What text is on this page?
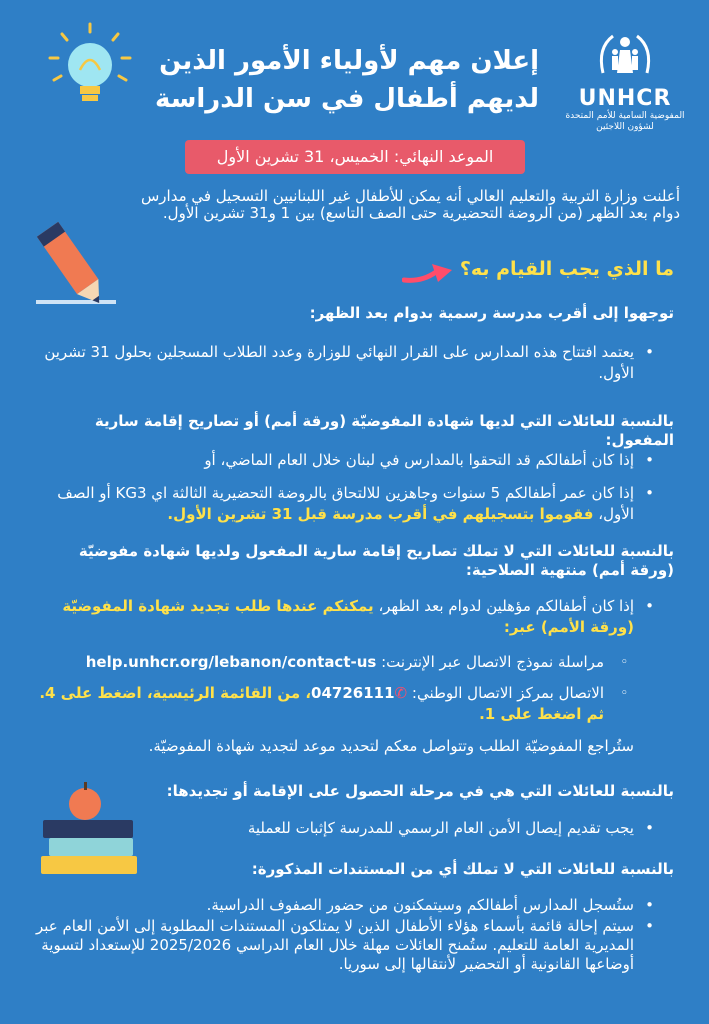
إعلان مهم لأولياء الأمور الذين
لديهم أطفال في سن الدراسة	UNHCR
المفوضية السامية للأمم المتحدة
لشؤون اللاجئين
الموعد النهائي: الخميس، 31 تشرين الأول
أعلنت وزارة التربية والتعليم العالي أنه يمكن للأطفال غير اللبنانيين التسجيل في مدارس دوام بعد الظهر (من الروضة التحضيرية حتى الصف التاسع) بين 1 و31 تشرين الأول.
ما الذي يجب القيام به؟
توجهوا إلى أقرب مدرسة رسمية بدوام بعد الظهر:
• يعتمد افتتاح هذه المدارس على القرار النهائي للوزارة وعدد الطلاب المسجلين بحلول 31 تشرين الأول.
بالنسبة للعائلات التي لديها شهادة المفوضيّة (ورقة أمم) أو تصاريح إقامة سارية المفعول:
• إذا كان أطفالكم قد التحقوا بالمدارس في لبنان خلال العام الماضي، أو
• إذا كان عمر أطفالكم 5 سنوات وجاهزين للالتحاق بالروضة التحضيرية الثالثة اي KG3 أو الصف الأول، فقوموا بتسجيلهم في أقرب مدرسة قبل 31 تشرين الأول.
بالنسبة للعائلات التي لا تملك تصاريح إقامة سارية المفعول ولديها شهادة مفوضيّة (ورقة أمم) منتهية الصلاحية:
• إذا كان أطفالكم مؤهلين لدوام بعد الظهر، يمكنكم عندها طلب تجديد شهادة المفوضيّة (ورقة الأمم) عبر:
◦ مراسلة نموذج الاتصال عبر الإنترنت: help.unhcr.org/lebanon/contact-us
◦ الاتصال بمركز الاتصال الوطني: ✆04726111، من القائمة الرئيسية، اضغط على 4. ثم اضغط على 1.
ستُراجع المفوضيّة الطلب وتتواصل معكم لتحديد موعد لتجديد شهادة المفوضيّة.
بالنسبة للعائلات التي هي في مرحلة الحصول على الإقامة أو تجديدها:
• يجب تقديم إيصال الأمن العام الرسمي للمدرسة كإثبات للعملية
بالنسبة للعائلات التي لا تملك أي من المستندات المذكورة:
• ستُسجل المدارس أطفالكم وسيتمكنون من حضور الصفوف الدراسية.
• سيتم إحالة قائمة بأسماء هؤلاء الأطفال الذين لا يمتلكون المستندات المطلوبة إلى الأمن العام عبر المديرية العامة للتعليم. ستُمنح العائلات مهلة خلال العام الدراسي 2025/2026 للإستعداد لتسوية أوضاعها القانونية أو التحضير لأنتقالها إلى سوريا.
